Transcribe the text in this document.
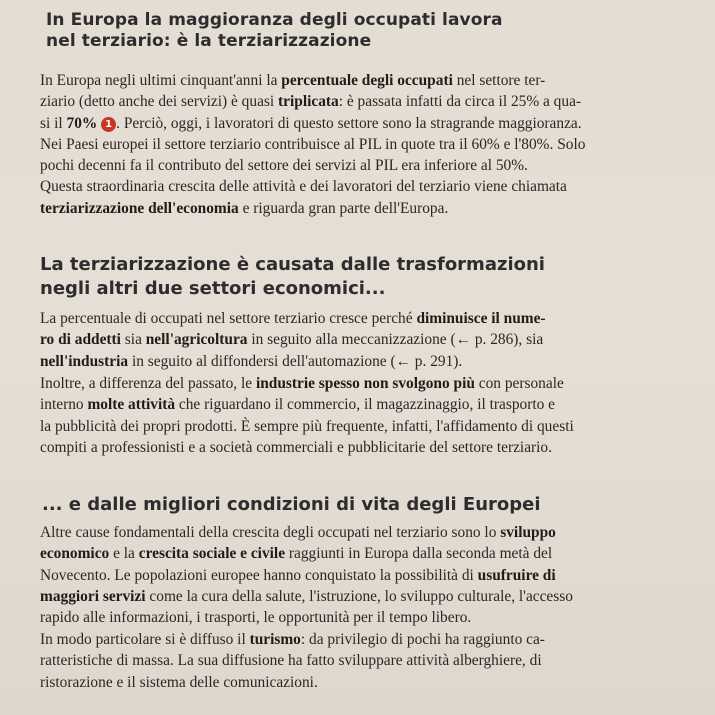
In Europa la maggioranza degli occupati lavora
nel terziario: è la terziarizzazione
In Europa negli ultimi cinquant'anni la percentuale degli occupati nel settore ter-
ziario (detto anche dei servizi) è quasi triplicata: è passata infatti da circa il 25% a qua-
si il 70% 1 . Perciò, oggi, i lavoratori di questo settore sono la stragrande maggioranza.
Nei Paesi europei il settore terziario contribuisce al PIL in quote tra il 60% e l'80%. Solo
pochi decenni fa il contributo del settore dei servizi al PIL era inferiore al 50%.
Questa straordinaria crescita delle attività e dei lavoratori del terziario viene chiamata
terziarizzazione dell'economia e riguarda gran parte dell'Europa.
La terziarizzazione è causata dalle trasformazioni
negli altri due settori economici...
La percentuale di occupati nel settore terziario cresce perché diminuisce il nume-
ro di addetti sia nell'agricoltura in seguito alla meccanizzazione (← p. 286), sia
nell'industria in seguito al diffondersi dell'automazione (← p. 291).
Inoltre, a differenza del passato, le industrie spesso non svolgono più con personale
interno molte attività che riguardano il commercio, il magazzinaggio, il trasporto e
la pubblicità dei propri prodotti. È sempre più frequente, infatti, l'affidamento di questi
compiti a professionisti e a società commerciali e pubblicitarie del settore terziario.
... e dalle migliori condizioni di vita degli Europei
Altre cause fondamentali della crescita degli occupati nel terziario sono lo sviluppo
economico e la crescita sociale e civile raggiunti in Europa dalla seconda metà del
Novecento. Le popolazioni europee hanno conquistato la possibilità di usufruire di
maggiori servizi come la cura della salute, l'istruzione, lo sviluppo culturale, l'accesso
rapido alle informazioni, i trasporti, le opportunità per il tempo libero.
In modo particolare si è diffuso il turismo: da privilegio di pochi ha raggiunto ca-
ratteristiche di massa. La sua diffusione ha fatto sviluppare attività alberghiere, di
ristorazione e il sistema delle comunicazioni.
